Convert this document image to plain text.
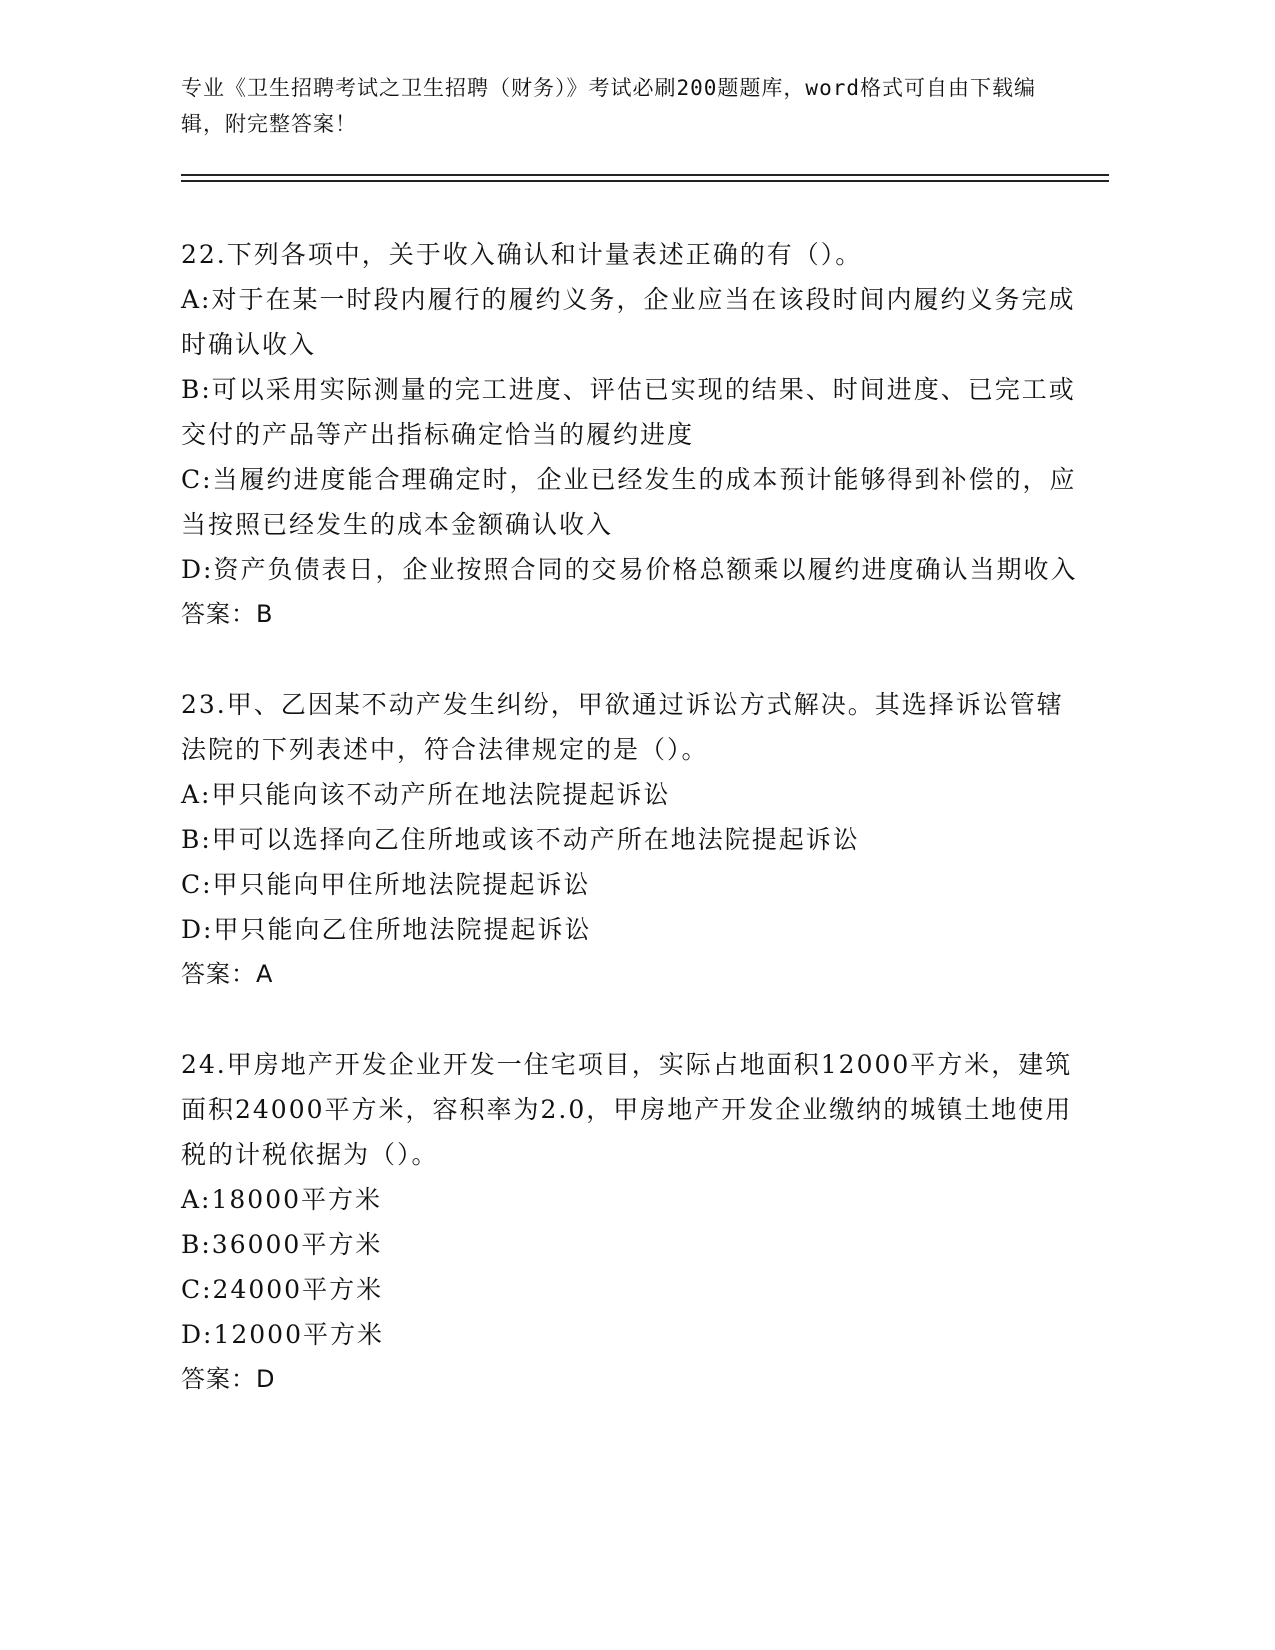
专业《卫生招聘考试之卫生招聘（财务）》考试必刷200题题库，word格式可自由下载编辑，附完整答案！
22.下列各项中，关于收入确认和计量表述正确的有（）。
A:对于在某一时段内履行的履约义务，企业应当在该段时间内履约义务完成时确认收入
B:可以采用实际测量的完工进度、评估已实现的结果、时间进度、已完工或交付的产品等产出指标确定恰当的履约进度
C:当履约进度能合理确定时，企业已经发生的成本预计能够得到补偿的，应当按照已经发生的成本金额确认收入
D:资产负债表日，企业按照合同的交易价格总额乘以履约进度确认当期收入
答案：B
23.甲、乙因某不动产发生纠纷，甲欲通过诉讼方式解决。其选择诉讼管辖法院的下列表述中，符合法律规定的是（）。
A:甲只能向该不动产所在地法院提起诉讼
B:甲可以选择向乙住所地或该不动产所在地法院提起诉讼
C:甲只能向甲住所地法院提起诉讼
D:甲只能向乙住所地法院提起诉讼
答案：A
24.甲房地产开发企业开发一住宅项目，实际占地面积12000平方米，建筑面积24000平方米，容积率为2.0，甲房地产开发企业缴纳的城镇土地使用税的计税依据为（）。
A:18000平方米
B:36000平方米
C:24000平方米
D:12000平方米
答案：D
